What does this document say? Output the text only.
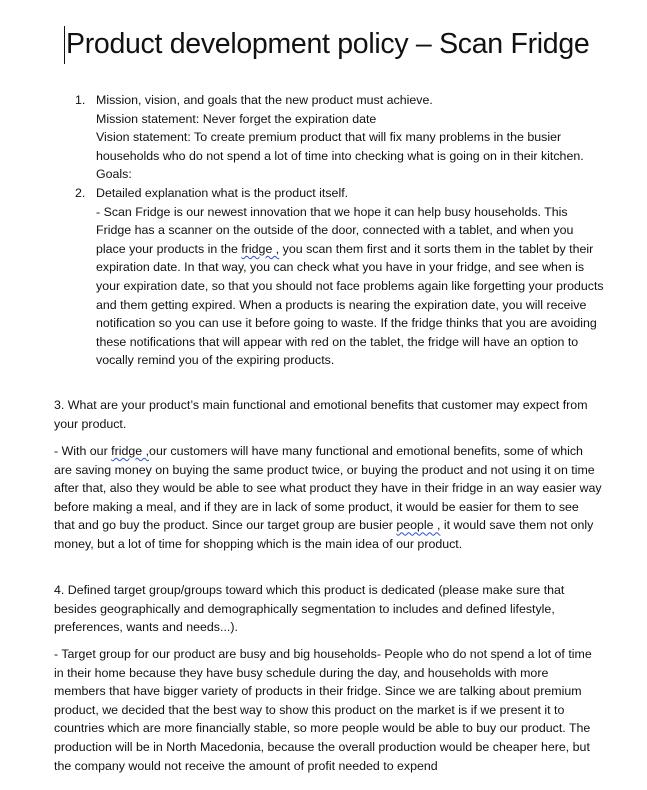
Product development policy – Scan Fridge
1. Mission, vision, and goals that the new product must achieve.

Mission statement: Never forget the expiration date

Vision statement: To create premium product that will fix many problems in the busier households who do not spend a lot of time into checking what is going on in their kitchen.

Goals:

2. Detailed explanation what is the product itself.

- Scan Fridge is our newest innovation that we hope it can help busy households. This Fridge has a scanner on the outside of the door, connected with a tablet, and when you place your products in the fridge , you scan them first and it sorts them in the tablet by their expiration date. In that way, you can check what you have in your fridge, and see when is your expiration date, so that you should not face problems again like forgetting your products and them getting expired. When a products is nearing the expiration date, you will receive notification so you can use it before going to waste. If the fridge thinks that you are avoiding these notifications that will appear with red on the tablet, the fridge will have an option to vocally remind you of the expiring products.

3. What are your product’s main functional and emotional benefits that customer may expect from your product.

- With our fridge ,our customers will have many functional and emotional benefits, some of which are saving money on buying the same product twice, or buying the product and not using it on time after that, also they would be able to see what product they have in their fridge in an way easier way before making a meal, and if they are in lack of some product, it would be easier for them to see that and go buy the product. Since our target group are busier people , it would save them not only money, but a lot of time for shopping which is the main idea of our product.

4. Defined target group/groups toward which this product is dedicated (please make sure that besides geographically and demographically segmentation to includes and defined lifestyle, preferences, wants and needs...).

- Target group for our product are busy and big households- People who do not spend a lot of time in their home because they have busy schedule during the day, and households with more members that have bigger variety of products in their fridge. Since we are talking about premium product, we decided that the best way to show this product on the market is if we present it to countries which are more financially stable, so more people would be able to buy our product. The production will be in North Macedonia, because the overall production would be cheaper here, but the company would not receive the amount of profit needed to expend
